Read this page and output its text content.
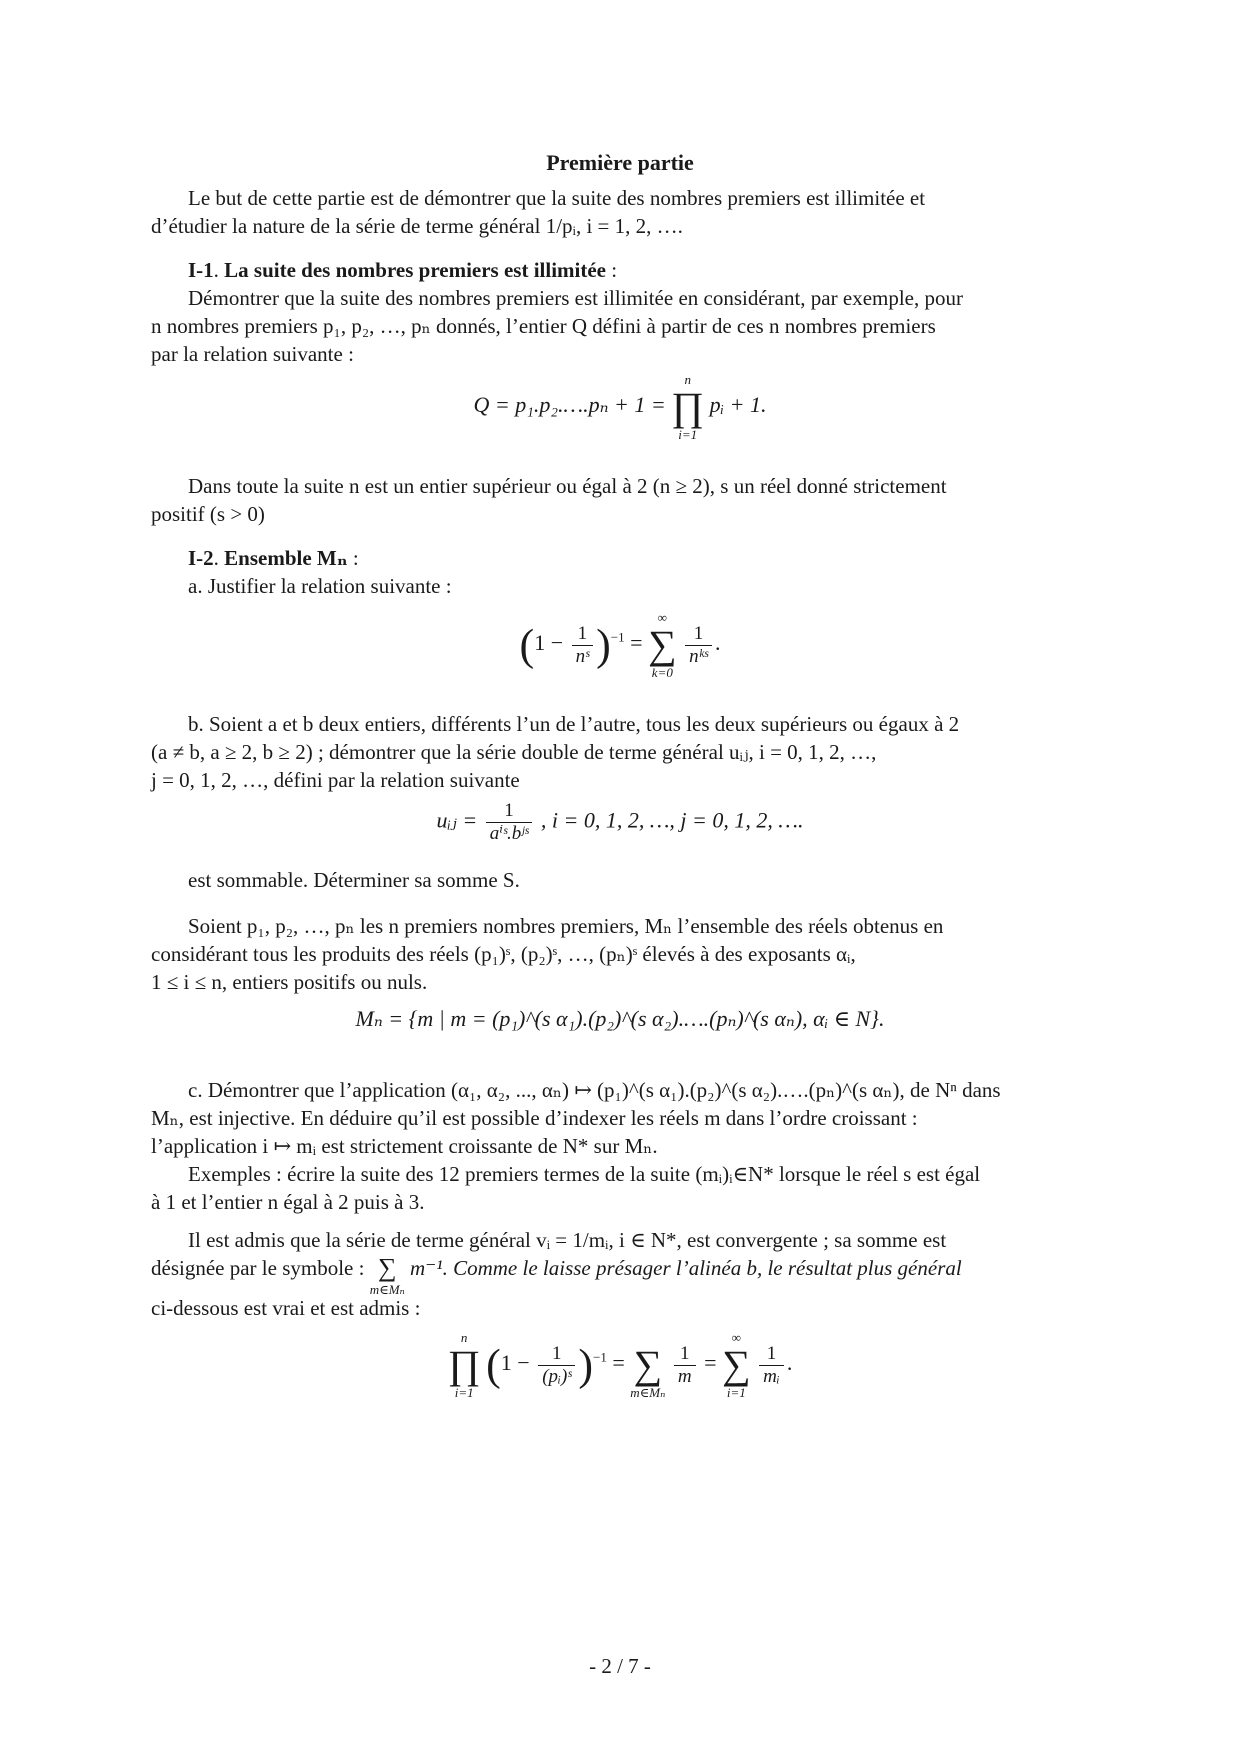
Première partie
Le but de cette partie est de démontrer que la suite des nombres premiers est illimitée et
d’étudier la nature de la série de terme général 1/pᵢ, i = 1, 2, ….
I-1. La suite des nombres premiers est illimitée :
Démontrer que la suite des nombres premiers est illimitée en considérant, par exemple, pour
n nombres premiers p₁, p₂, …, pₙ donnés, l’entier Q défini à partir de ces n nombres premiers
par la relation suivante :
Q = p₁.p₂.….pₙ + 1 =
n
∏
i=1
pᵢ + 1.
Dans toute la suite n est un entier supérieur ou égal à 2 (n ≥ 2), s un réel donné strictement
positif (s > 0)
I-2. Ensemble Mₙ :
a. Justifier la relation suivante :
$(1 - \frac{1}{\text{nˢ}} )^{-1}$ =
∞
∑
k=0

$\frac{1}{\text{nᵏˢ}}$ .
b. Soient a et b deux entiers, différents l’un de l’autre, tous les deux supérieurs ou égaux à 2
(a ≠ b, a ≥ 2, b ≥ 2) ; démontrer que la série double de terme général uᵢⱼ, i = 0, 1, 2, …,
j = 0, 1, 2, …, défini par la relation suivante
uᵢⱼ = $\frac{1}{\text{aⁱˢ.bʲˢ}}$ , i = 0, 1, 2, …, j = 0, 1, 2, ….
est sommable. Déterminer sa somme S.
Soient p₁, p₂, …, pₙ les n premiers nombres premiers, Mₙ l’ensemble des réels obtenus en
considérant tous les produits des réels (p₁)ˢ, (p₂)ˢ, …, (pₙ)ˢ élevés à des exposants αᵢ,
1 ≤ i ≤ n, entiers positifs ou nuls.
Mₙ = {m | m = (p₁)^(s α₁).(p₂)^(s α₂).….(pₙ)^(s αₙ), αᵢ ∈ N}.
c. Démontrer que l’application (α₁, α₂, ..., αₙ) ↦ (p₁)^(s α₁).(p₂)^(s α₂).….(pₙ)^(s αₙ), de Nⁿ dans
Mₙ, est injective. En déduire qu’il est possible d’indexer les réels m dans l’ordre croissant :
l’application i ↦ mᵢ est strictement croissante de N* sur Mₙ.
Exemples : écrire la suite des 12 premiers termes de la suite (mᵢ)ᵢ∈N* lorsque le réel s est égal
à 1 et l’entier n égal à 2 puis à 3.
Il est admis que la série de terme général vᵢ = 1/mᵢ, i ∈ N*, est convergente ; sa somme est
désignée par le symbole : ∑
m∈Mₙ
m⁻¹. Comme le laisse présager l’alinéa b, le résultat plus général
ci-dessous est vrai et est admis :
n
∏
i=1
$(1 - \frac{1}{\text{(pᵢ)ˢ}} )^{-1}$ =
∑
m∈Mₙ

$\frac{1}{m}$ =
∞
∑
i=1

$\frac{1}{\text{mᵢ}}$ .
- 2 / 7 -
